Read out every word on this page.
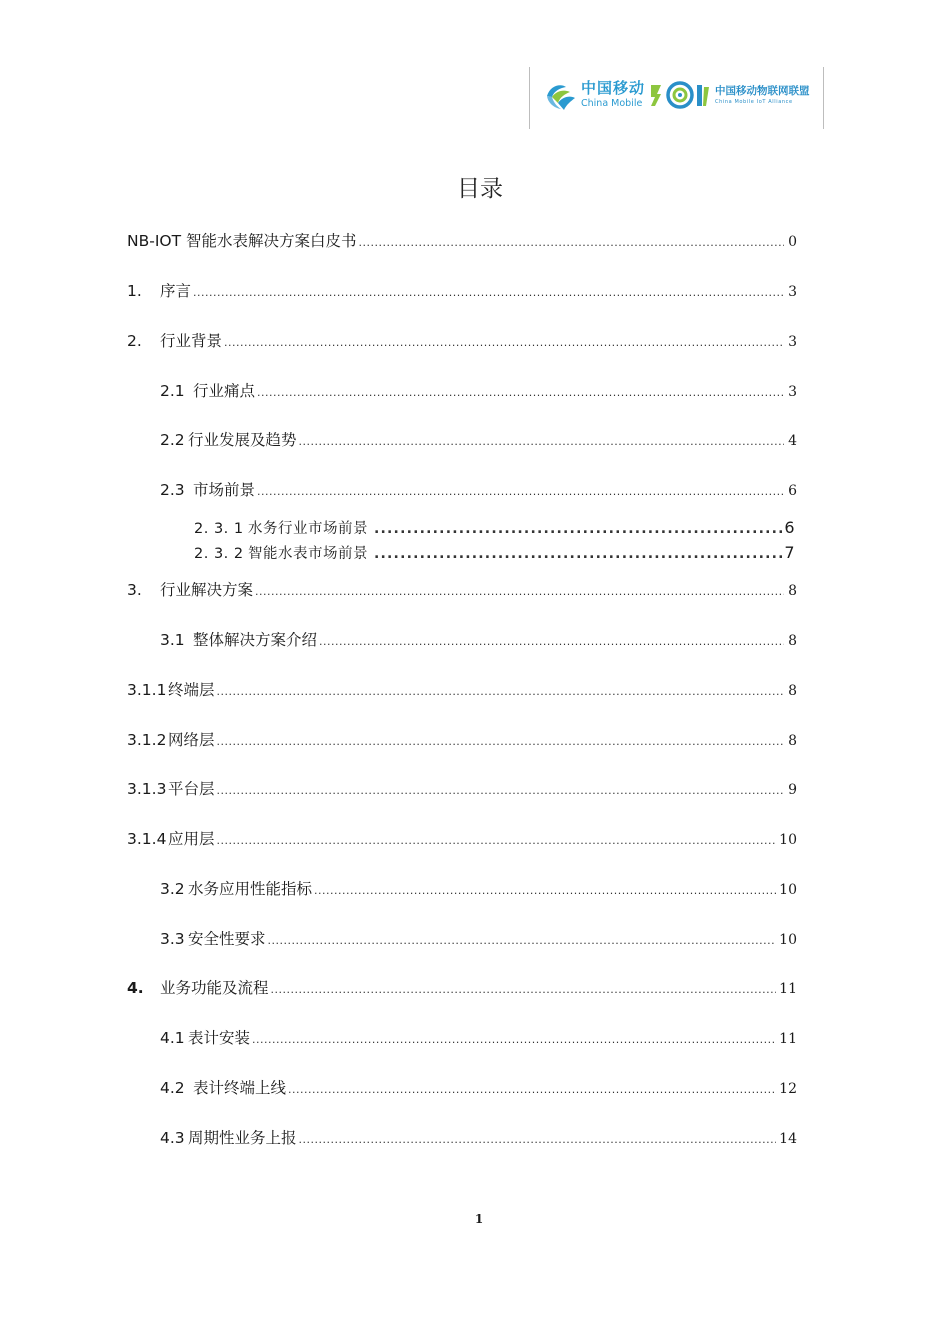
中国移动
China Mobile
中国移动物联网联盟
China Mobile IoT Alliance
目录
NB-IOT 智能水表解决方案白皮书 .....	0
1.	序言 .....	3
2.	行业背景 .....	3
2.1 行业痛点 .....	3
2.2 行业发展及趋势 .....	4
2.3 市场前景 .....	6
2. 3. 1 水务行业市场前景 .....	6
2. 3. 2 智能水表市场前景 .....	7
3.	行业解决方案 .....	8
3.1 整体解决方案介绍 .....	8
3.1.1 终端层 .....	8
3.1.2 网络层 .....	8
3.1.3 平台层 .....	9
3.1.4 应用层 .....	10
3.2 水务应用性能指标 .....	10
3.3 安全性要求 .....	10
4.	业务 功能及流程 .....	11
4.1 表计安装 .....	11
4.2 表计终端上线 .....	12
4.3 周期性业务上报 .....	14
1
